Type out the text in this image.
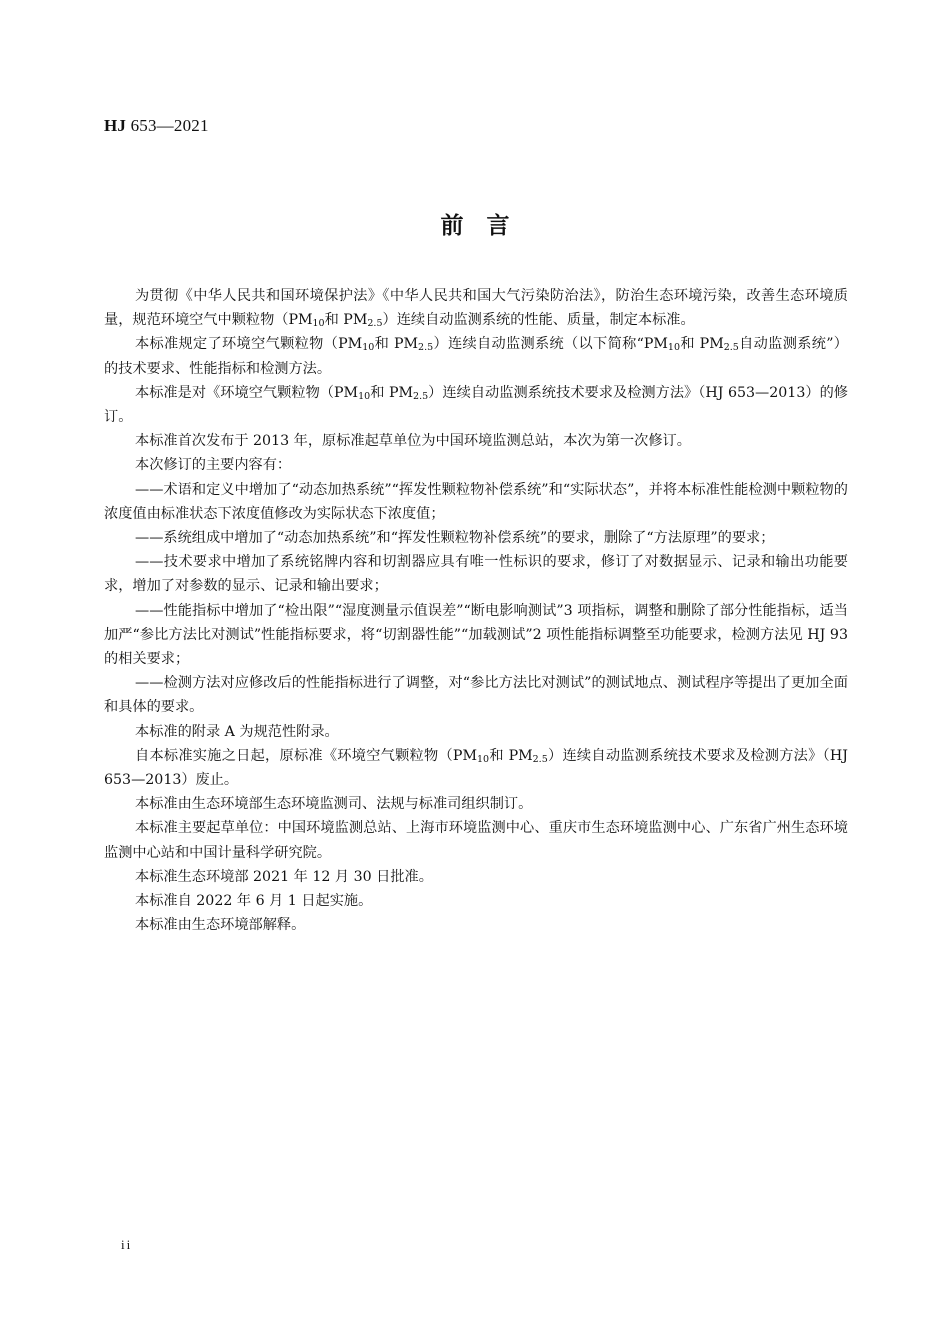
HJ 653—2021
前　言

为贯彻《中华人民共和国环境保护法》《中华人民共和国大气污染防治法》，防治生态环境污染，改善生态环境质量，规范环境空气中颗粒物（$PM_{10}$和 $PM_{2.5}$）连续自动监测系统的性能、质量，制定本标准。

本标准规定了环境空气颗粒物（$PM_{10}$和 $PM_{2.5}$）连续自动监测系统（以下简称“$PM_{10}$和 $PM_{2.5}$自动监测系统”）的技术要求、性能指标和检测方法。

本标准是对《环境空气颗粒物（$PM_{10}$和 $PM_{2.5}$）连续自动监测系统技术要求及检测方法》（HJ 653—2013）的修订。

本标准首次发布于 2013 年，原标准起草单位为中国环境监测总站，本次为第一次修订。

本次修订的主要内容有：

——术语和定义中增加了“动态加热系统”“挥发性颗粒物补偿系统”和“实际状态”，并将本标准性能检测中颗粒物的浓度值由标准状态下浓度值修改为实际状态下浓度值；

——系统组成中增加了“动态加热系统”和“挥发性颗粒物补偿系统”的要求，删除了“方法原理”的要求；

——技术要求中增加了系统铭牌内容和切割器应具有唯一性标识的要求，修订了对数据显示、记录和输出功能要求，增加了对参数的显示、记录和输出要求；

——性能指标中增加了“检出限”“湿度测量示值误差”“断电影响测试”3 项指标，调整和删除了部分性能指标，适当加严“参比方法比对测试”性能指标要求，将“切割器性能”“加载测试”2 项性能指标调整至功能要求，检测方法见 HJ 93 的相关要求；

——检测方法对应修改后的性能指标进行了调整，对“参比方法比对测试”的测试地点、测试程序等提出了更加全面和具体的要求。

本标准的附录 A 为规范性附录。

自本标准实施之日起，原标准《环境空气颗粒物（$PM_{10}$和 $PM_{2.5}$）连续自动监测系统技术要求及检测方法》（HJ 653—2013）废止。

本标准由生态环境部生态环境监测司、法规与标准司组织制订。

本标准主要起草单位：中国环境监测总站、上海市环境监测中心、重庆市生态环境监测中心、广东省广州生态环境监测中心站和中国计量科学研究院。

本标准生态环境部 2021 年 12 月 30 日批准。

本标准自 2022 年 6 月 1 日起实施。

本标准由生态环境部解释。

ii
